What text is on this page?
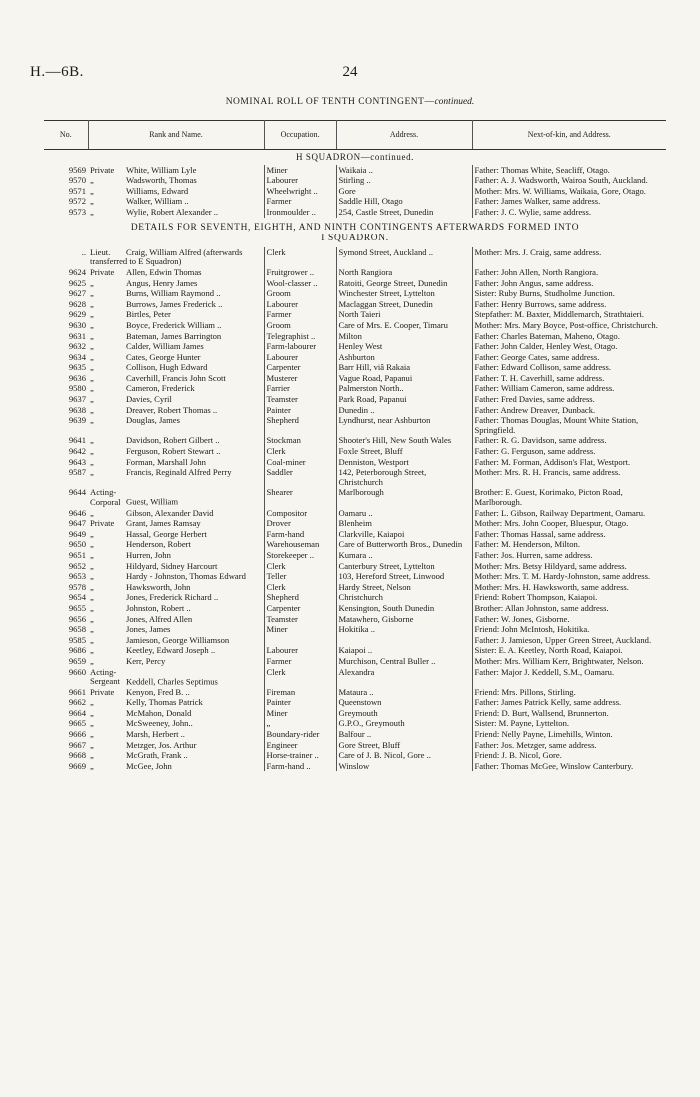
H.—6B.	24
NOMINAL ROLL OF TENTH CONTINGENT—continued.
No.	Rank and Name.	Occupation.	Address.	Next-of-kin, and Address.
H SQUADRON—continued.				
9569	Private White, William Lyle	Miner	Waikaia ..	Father: Thomas White, Seacliff, Otago.
9570	„ Wadsworth, Thomas	Labourer	Stirling ..	Father: A. J. Wadsworth, Wairoa South, Auckland.
9571	„ Williams, Edward	Wheelwright ..	Gore	Mother: Mrs. W. Williams, Waikaia, Gore, Otago.
9572	„ Walker, William ..	Farmer	Saddle Hill, Otago	Father: James Walker, same address.
9573	„ Wylie, Robert Alexander ..	Ironmoulder ..	254, Castle Street, Dunedin	Father: J. C. Wylie, same address.
DETAILS FOR SEVENTH, EIGHTH, AND NINTH CONTINGENTS AFTERWARDS FORMED INTO				
I SQUADRON.				
..	Lieut. Craig, William Alfred (afterwards transferred to E Squadron)	Clerk	Symond Street, Auckland ..	Mother: Mrs. J. Craig, same address.
9624	Private Allen, Edwin Thomas	Fruitgrower ..	North Rangiora	Father: John Allen, North Rangiora.
9625	„ Angus, Henry James	Wool-classer ..	Ratoiti, George Street, Dunedin	Father: John Angus, same address.
9627	„ Burns, William Raymond ..	Groom	Winchester Street, Lyttelton	Sister: Ruby Burns, Studholme Junction.
9628	„ Burrows, James Frederick ..	Labourer	Maclaggan Street, Dunedin	Father: Henry Burrows, same address.
9629	„ Birtles, Peter	Farmer	North Taieri	Stepfather: M. Baxter, Middlemarch, Strathtaieri.
9630	„ Boyce, Frederick William ..	Groom	Care of Mrs. E. Cooper, Timaru	Mother: Mrs. Mary Boyce, Post-office, Christchurch.
9631	„ Bateman, James Barrington	Telegraphist ..	Milton	Father: Charles Bateman, Maheno, Otago.
9632	„ Calder, William James	Farm-labourer	Henley West	Father: John Calder, Henley West, Otago.
9634	„ Cates, George Hunter	Labourer	Ashburton	Father: George Cates, same address.
9635	„ Collison, Hugh Edward	Carpenter	Barr Hill, viâ Rakaia	Father: Edward Collison, same address.
9636	„ Caverhill, Francis John Scott	Musterer	Vague Road, Papanui	Father: T. H. Caverhill, same address.
9580	„ Cameron, Frederick	Farrier	Palmerston North..	Father: William Cameron, same address.
9637	„ Davies, Cyril	Teamster	Park Road, Papanui	Father: Fred Davies, same address.
9638	„ Dreaver, Robert Thomas ..	Painter	Dunedin ..	Father: Andrew Dreaver, Dunback.
9639	„ Douglas, James	Shepherd	Lyndhurst, near Ashburton	Father: Thomas Douglas, Mount White Station, Springfield.
9641	„ Davidson, Robert Gilbert ..	Stockman	Shooter's Hill, New South Wales	Father: R. G. Davidson, same address.
9642	„ Ferguson, Robert Stewart ..	Clerk	Foxle Street, Bluff	Father: G. Ferguson, same address.
9643	„ Forman, Marshall John	Coal-miner	Denniston, Westport	Father: M. Forman, Addison's Flat, Westport.
9587	„ Francis, Reginald Alfred Perry	Saddler	142, Peterborough Street, Christchurch	Mother: Mrs. R. H. Francis, same address.
9644	Acting-Corporal Guest, William	Shearer	Marlborough	Brother: E. Guest, Korimako, Picton Road, Marlborough.
9646	„ Gibson, Alexander David	Compositor	Oamaru ..	Father: L. Gibson, Railway Department, Oamaru.
9647	Private Grant, James Ramsay	Drover	Blenheim	Mother: Mrs. John Cooper, Bluespur, Otago.
9649	„ Hassal, George Herbert	Farm-hand	Clarkville, Kaiapoi	Father: Thomas Hassal, same address.
9650	„ Henderson, Robert	Warehouseman	Care of Butterworth Bros., Dunedin	Father: M. Henderson, Milton.
9651	„ Hurren, John	Storekeeper ..	Kumara ..	Father: Jos. Hurren, same address.
9652	„ Hildyard, Sidney Harcourt	Clerk	Canterbury Street, Lyttelton	Mother: Mrs. Betsy Hildyard, same address.
9653	„ Hardy - Johnston, Thomas Edward	Teller	103, Hereford Street, Linwood	Mother: Mrs. T. M. Hardy-Johnston, same address.
9578	„ Hawksworth, John	Clerk	Hardy Street, Nelson	Mother: Mrs. H. Hawksworth, same address.
9654	„ Jones, Frederick Richard ..	Shepherd	Christchurch	Friend: Robert Thompson, Kaiapoi.
9655	„ Johnston, Robert ..	Carpenter	Kensington, South Dunedin	Brother: Allan Johnston, same address.
9656	„ Jones, Alfred Allen	Teamster	Matawhero, Gisborne	Father: W. Jones, Gisborne.
9658	„ Jones, James	Miner	Hokitika ..	Friend: John McIntosh, Hokitika.
9585	„ Jamieson, George Williamson			Father: J. Jamieson, Upper Green Street, Auckland.
9686	„ Keetley, Edward Joseph ..	Labourer	Kaiapoi ..	Sister: E. A. Keetley, North Road, Kaiapoi.
9659	„ Kerr, Percy	Farmer	Murchison, Central Buller ..	Mother: Mrs. William Kerr, Brightwater, Nelson.
9660	Acting-Sergeant Keddell, Charles Septimus	Clerk	Alexandra	Father: Major J. Keddell, S.M., Oamaru.
9661	Private Kenyon, Fred B. ..	Fireman	Mataura ..	Friend: Mrs. Pillons, Stirling.
9662	„ Kelly, Thomas Patrick	Painter	Queenstown	Father: James Patrick Kelly, same address.
9664	„ McMahon, Donald	Miner	Greymouth	Friend: D. Burt, Wallsend, Brunnerton.
9665	„ McSweeney, John..	„	G.P.O., Greymouth	Sister: M. Payne, Lyttelton.
9666	„ Marsh, Herbert ..	Boundary-rider	Balfour ..	Friend: Nelly Payne, Limehills, Winton.
9667	„ Metzger, Jos. Arthur	Engineer	Gore Street, Bluff	Father: Jos. Metzger, same address.
9668	„ McGrath, Frank ..	Horse-trainer ..	Care of J. B. Nicol, Gore ..	Friend: J. B. Nicol, Gore.
9669	„ McGee, John	Farm-hand ..	Winslow	Father: Thomas McGee, Winslow Canterbury.
